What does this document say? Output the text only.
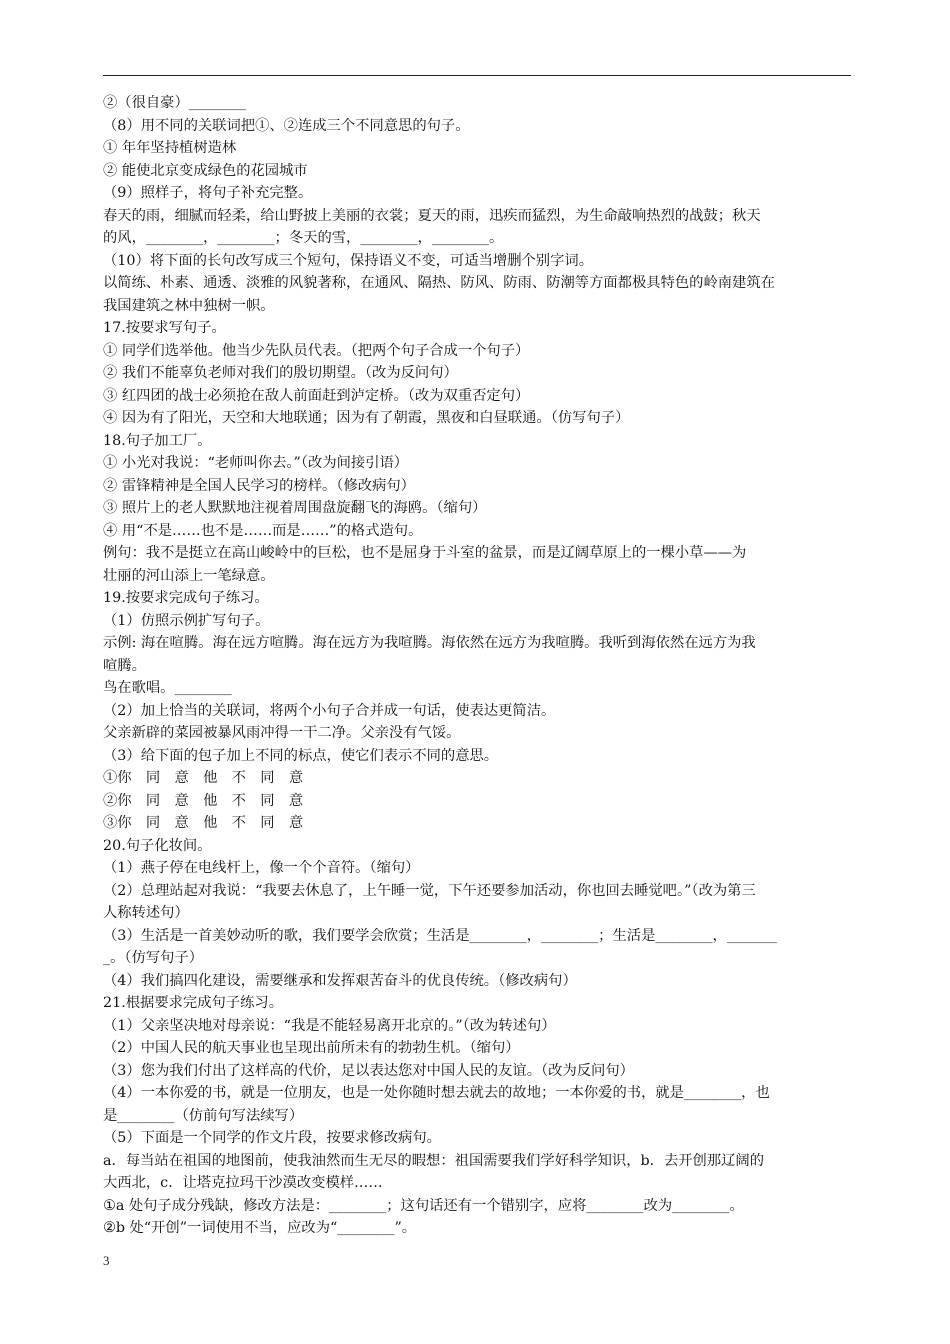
②（很自豪）________
（8）用不同的关联词把①、②连成三个不同意思的句子。
① 年年坚持植树造林
② 能使北京变成绿色的花园城市
（9）照样子，将句子补充完整。
春天的雨，细腻而轻柔，给山野披上美丽的衣裳；夏天的雨，迅疾而猛烈，为生命敲响热烈的战鼓；秋天
的风，________，________；冬天的雪，________，________。
（10）将下面的长句改写成三个短句，保持语义不变，可适当增删个别字词。
以简练、朴素、通透、淡雅的风貌著称，在通风、隔热、防风、防雨、防潮等方面都极具特色的岭南建筑在
我国建筑之林中独树一帜。
17.按要求写句子。
① 同学们选举他。他当少先队员代表。（把两个句子合成一个句子）
② 我们不能辜负老师对我们的殷切期望。（改为反问句）
③ 红四团的战士必须抢在敌人前面赶到泸定桥。（改为双重否定句）
④ 因为有了阳光，天空和大地联通；因为有了朝霞，黑夜和白昼联通。（仿写句子）
18.句子加工厂。
① 小光对我说：“老师叫你去。”（改为间接引语）
② 雷锋精神是全国人民学习的榜样。（修改病句）
③ 照片上的老人默默地注视着周围盘旋翻飞的海鸥。（缩句）
④ 用“不是……也不是……而是……”的格式造句。
例句：我不是挺立在高山峻岭中的巨松，也不是屈身于斗室的盆景，而是辽阔草原上的一棵小草——为
壮丽的河山添上一笔绿意。
19.按要求完成句子练习。
（1）仿照示例扩写句子。
示例: 海在喧腾。海在远方喧腾。海在远方为我喧腾。海依然在远方为我喧腾。我听到海依然在远方为我
喧腾。
鸟在歌唱。________
（2）加上恰当的关联词，将两个小句子合并成一句话，使表达更简洁。
父亲新辟的菜园被暴风雨冲得一干二净。父亲没有气馁。
（3）给下面的包子加上不同的标点，使它们表示不同的意思。
①你　同　意　他　不　同　意
②你　同　意　他　不　同　意
③你　同　意　他　不　同　意
20.句子化妆间。
（1）燕子停在电线杆上，像一个个音符。（缩句）
（2）总理站起对我说：“我要去休息了，上午睡一觉，下午还要参加活动，你也回去睡觉吧。”（改为第三
人称转述句）
（3）生活是一首美妙动听的歌，我们要学会欣赏；生活是________，________；生活是________，_______
_。（仿写句子）
（4）我们搞四化建设，需要继承和发挥艰苦奋斗的优良传统。（修改病句）
21.根据要求完成句子练习。
（1）父亲坚决地对母亲说：“我是不能轻易离开北京的。”（改为转述句）
（2）中国人民的航天事业也呈现出前所未有的勃勃生机。（缩句）
（3）您为我们付出了这样高的代价，足以表达您对中国人民的友谊。（改为反问句）
（4）一本你爱的书，就是一位朋友，也是一处你随时想去就去的故地；一本你爱的书，就是________，也
是________（仿前句写法续写）
（5）下面是一个同学的作文片段，按要求修改病句。
a．每当站在祖国的地图前，使我油然而生无尽的暇想：祖国需要我们学好科学知识，b．去开创那辽阔的
大西北，c．让塔克拉玛干沙漠改变模样……
①a 处句子成分残缺，修改方法是：________；这句话还有一个错别字，应将________改为________。
②b 处“开创”一词使用不当，应改为“________”。
3
